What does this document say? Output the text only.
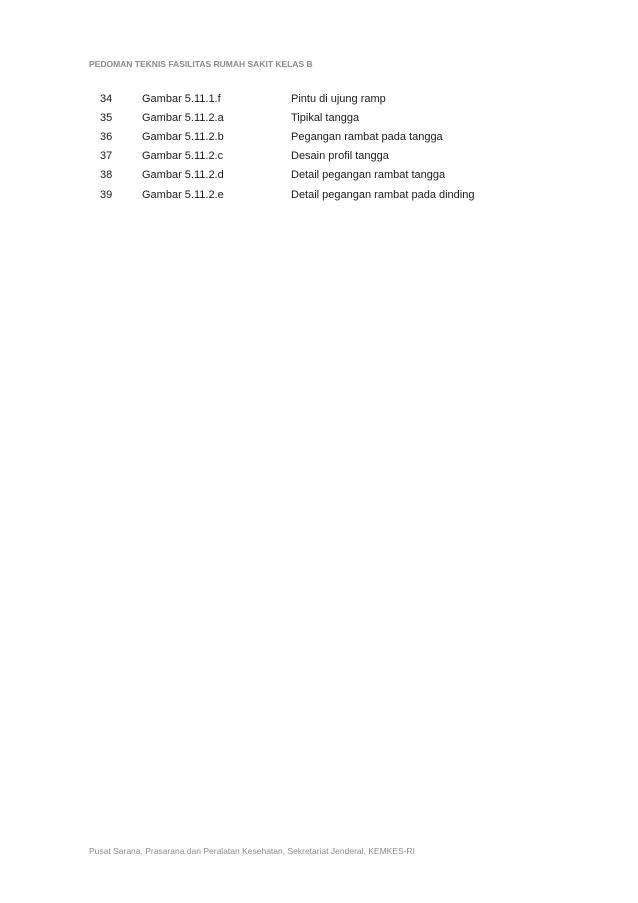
PEDOMAN TEKNIS FASILITAS RUMAH SAKIT KELAS B
34	Gambar 5.11.1.f	Pintu di ujung ramp
35	Gambar 5.11.2.a	Tipikal tangga
36	Gambar 5.11.2.b	Pegangan rambat pada tangga
37	Gambar 5.11.2.c	Desain profil tangga
38	Gambar 5.11.2.d	Detail pegangan rambat tangga
39	Gambar 5.11.2.e	Detail pegangan rambat pada dinding
Pusat Sarana, Prasarana dan Peralatan Kesehatan, Sekretariat Jenderal, KEMKES-RI
